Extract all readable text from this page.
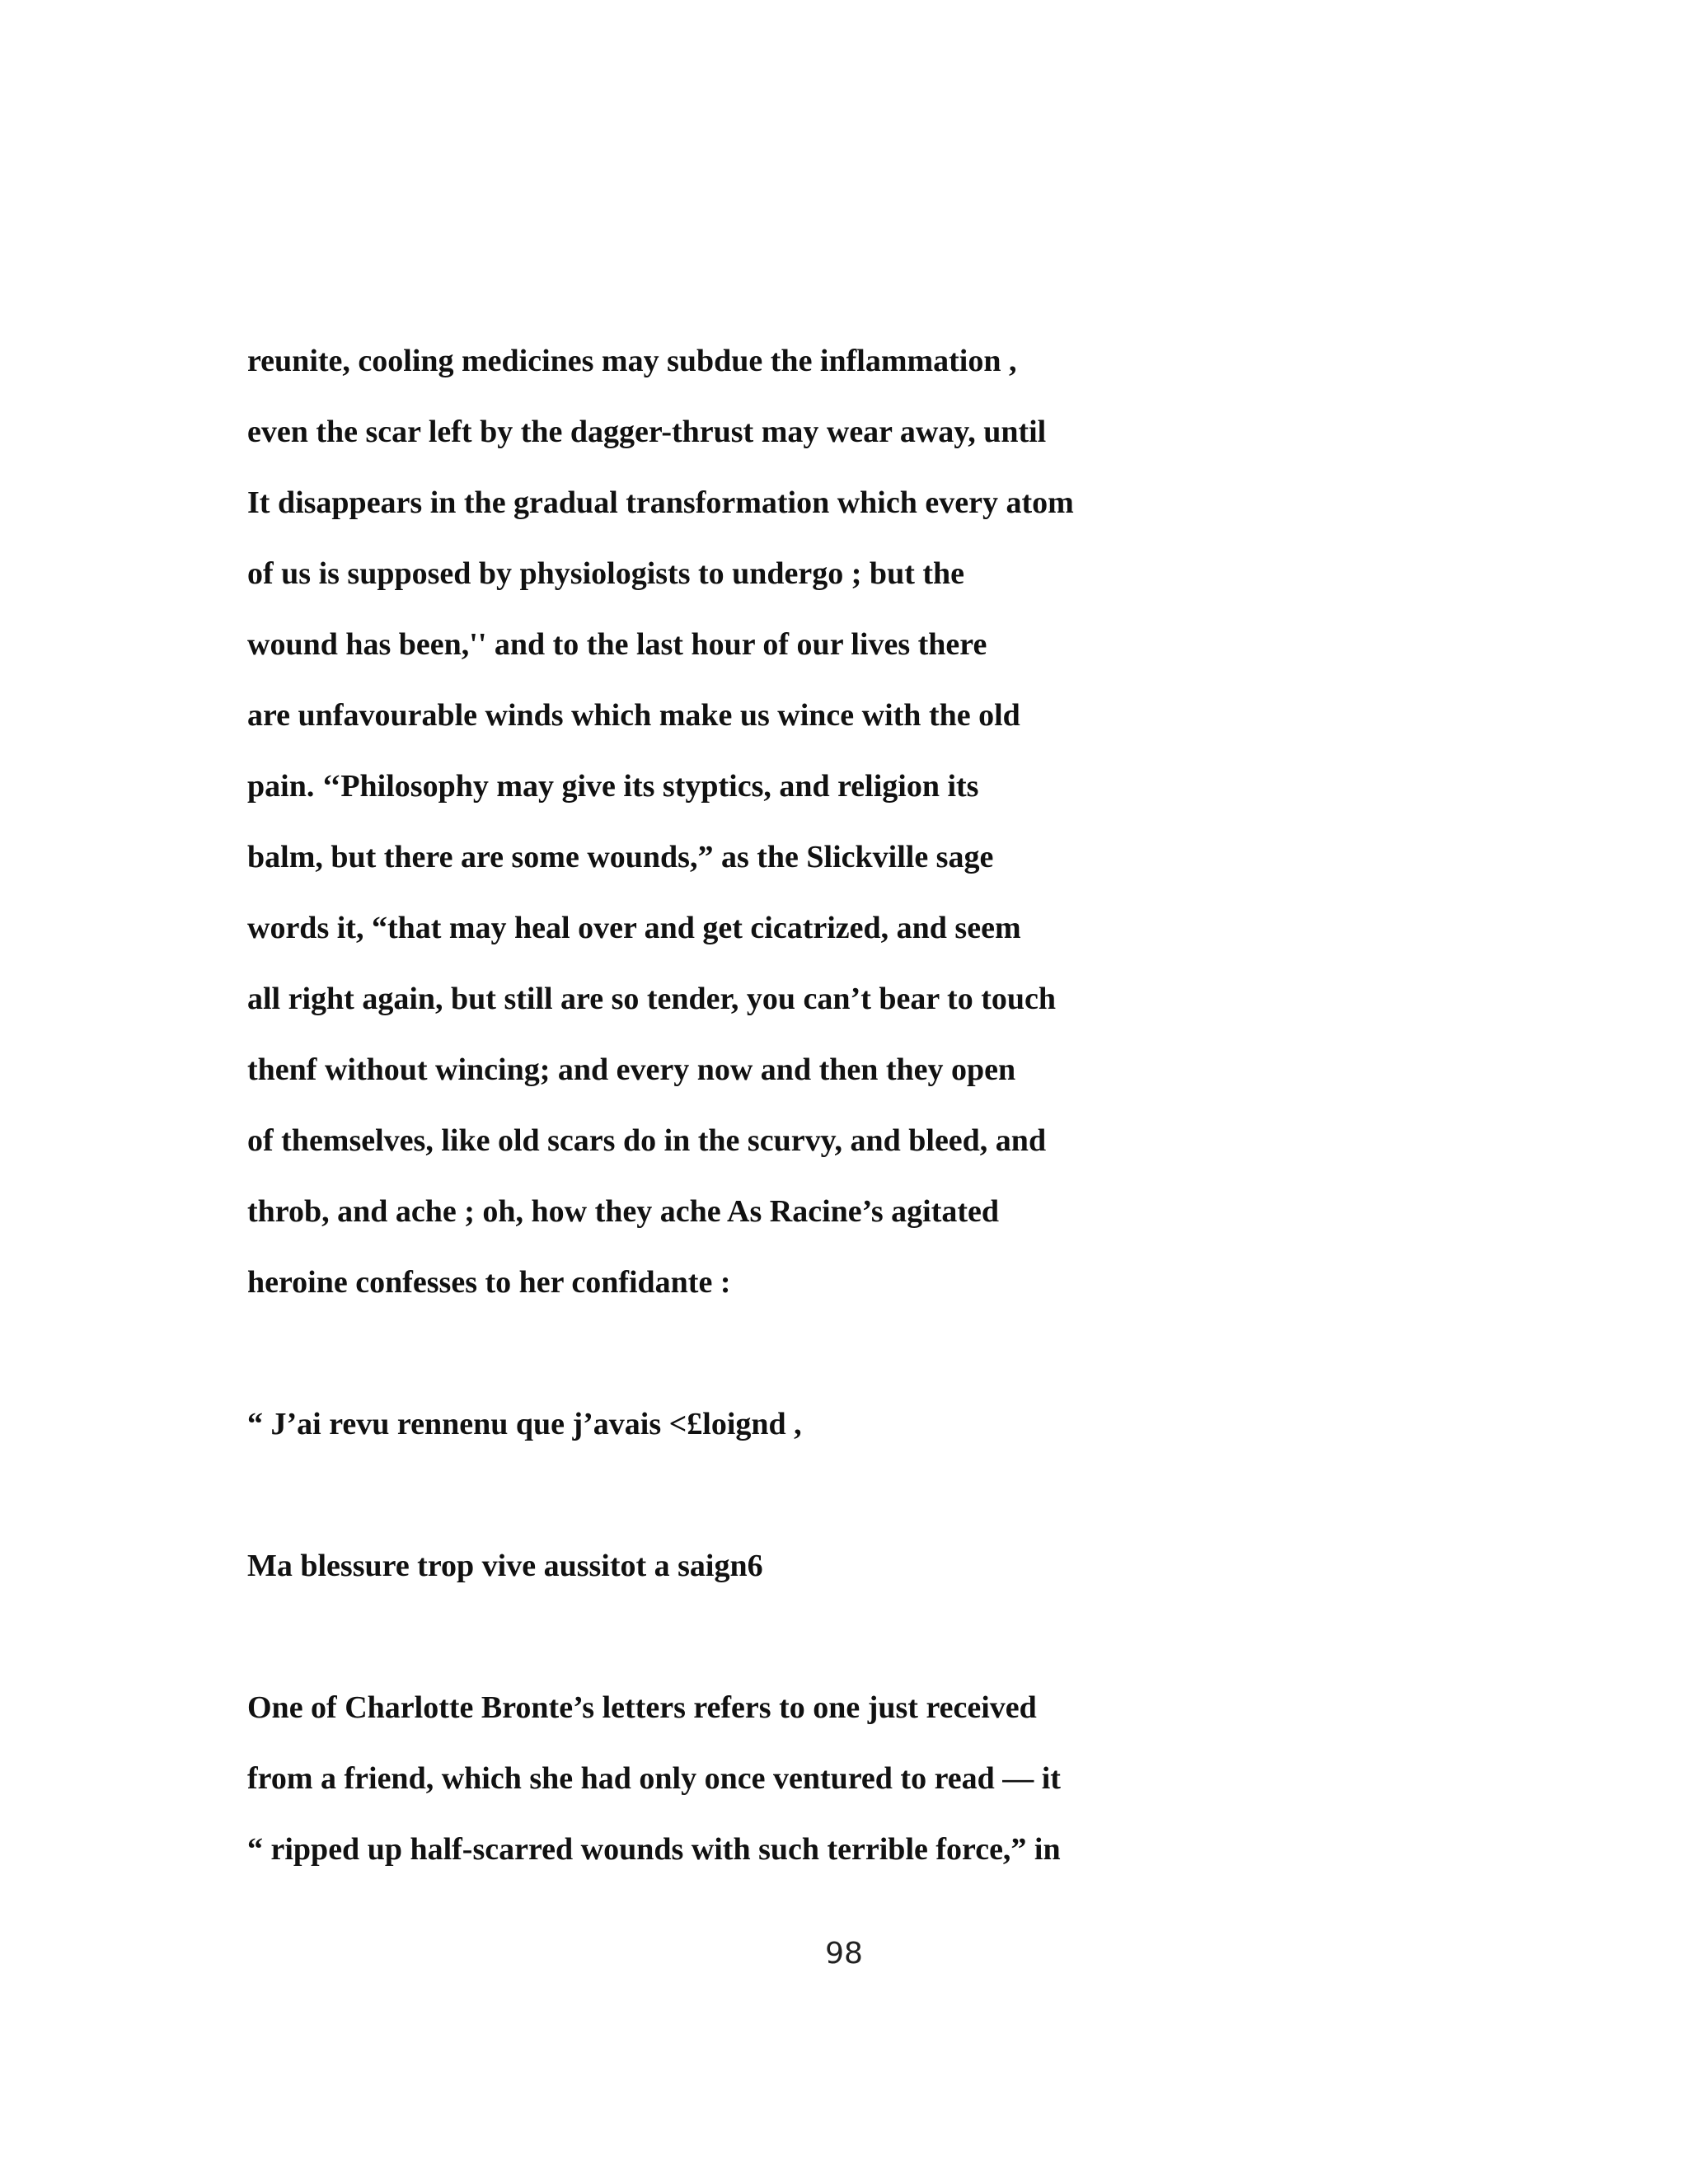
reunite, cooling medicines may subdue the inflammation ,
even the scar left by the dagger-thrust may wear away, until
It disappears in the gradual transformation which every atom
of us is supposed by physiologists to undergo ; but the
wound has been,'' and to the last hour of our lives there
are unfavourable winds which make us wince with the old
pain. ‘‘Philosophy may give its styptics, and religion its
balm, but there are some wounds,” as the Slickville sage
words it, “that may heal over and get cicatrized, and seem
all right again, but still are so tender, you can’t bear to touch
thenf without wincing; and every now and then they open
of themselves, like old scars do in the scurvy, and bleed, and
throb, and ache ; oh, how they ache As Racine’s agitated
heroine confesses to her confidante :
“ J’ai revu rennenu que j’avais <£loignd ,
Ma blessure trop vive aussitot a saign6
One of Charlotte Bronte’s letters refers to one just received
from a friend, which she had only once ventured to read — it
“ ripped up half-scarred wounds with such terrible force,” in
98
